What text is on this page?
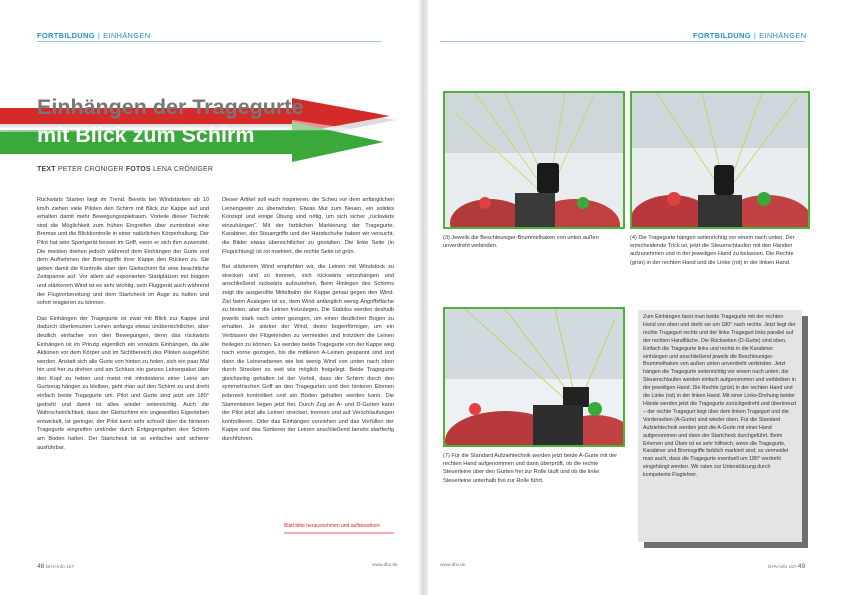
FORTBILDUNG | EINHÄNGEN	FORTBILDUNG | EINHÄNGEN
Einhängen der Tragegurte
mit Blick zum Schirm
TEXT PETER CRÖNIGER FOTOS LENA CRÖNIGER

Rückwärts Starten liegt im Trend. Bereits bei Windstärken ab 10 km/h ziehen viele Piloten den Schirm mit Blick zur Kappe auf und erhalten damit mehr Bewegungsspielraum. Vorteile dieser Technik sind die Möglichkeit zum frühen Eingreifen über zumindest eine Bremse und die Blickkontrolle in einer natürlichen Körperhaltung. Der Pilot hat sein Sportgerät besser im Griff, wenn er sich ihm zuwendet. Die meisten drehen jedoch während dem Einhängen der Gurte und dem Aufnehmen der Bremsgriffe ihrer Kappe den Rücken zu. Sie geben damit die Kontrolle über den Gleitschirm für eine beachtliche Zeitspanne auf. Vor allem auf exponierten Startplätzen mit böigem und stärkerem Wind ist es sehr wichtig, sein Fluggerät auch während der Flugvorbereitung und dem Startcheck im Auge zu halten und sofort reagieren zu können.

Das Einhängen der Tragegurte ist zwar mit Blick zur Kappe und dadurch überkreuzten Leinen anfangs etwas unübersichtlicher, aber deutlich einfacher von den Bewegungen, denn das rückwärts Einhängen ist im Prinzip eigentlich ein vorwärts Einhängen, da alle Aktionen vor dem Körper und im Sichtbereich des Piloten ausgeführt werden. Anstatt sich alle Gurte von hinten zu holen, sich ein paar Mal hin und her zu drehen und am Schluss ein ganzes Leinenpaket über den Kopf zu heben und meist mit mindestens einer Leine am Gurtzeug hängen zu bleiben, geht man auf den Schirm zu und dreht einfach beide Tragegurte um. Pilot und Gurte sind jetzt um 180° gedreht und damit ist alles wieder seitenrichtig. Auch die Wahrscheinlichkeit, dass der Gleitschirm ein ungewolltes Eigenleben entwickelt, ist geringer, der Pilot kann sehr schnell über die hinteren Tragegurte eingreifen und/oder durch Entgegengehen den Schirm am Boden halten. Der Startcheck ist so einfacher und sicherer ausführbar.

Dieser Artikel soll euch inspirieren, die Scheu vor dem anfänglichen Leinengewirr zu überwinden. Etwas Mut zum Neuen, ein solides Konzept und einige Übung sind nötig, um sich sicher „rückwärts einzuhängen“. Mit der farblichen Markierung der Tragegurte, Karabiner, der Steuergriffe und der Handschuhe haben wir versucht, die Bilder etwas übersichtlicher zu gestalten. Die linke Seite (in Flugrichtung) ist rot markiert, die rechte Seite ist grün.

Bei stärkerem Wind empfehlen wir, die Leinen mit Windstock zu strecken und zu trennen, sich rückwärts einzuhängen und anschließend rückwärts aufzuziehen. Beim Hinlegen des Schirms zeigt die ausgerollte Mittelbahn der Kappe genau gegen den Wind. Ziel beim Auslegen ist es, dem Wind anfänglich wenig Angriffsfläche zu bieten, aber die Leinen freizulegen. Die Stabilos werden deshalb jeweils stark nach unten gezogen, um einen deutlichen Bogen zu erhalten. Je stärker der Wind, desto bogenförmiger, um ein Verblasen der Flügelenden zu vermeiden und trotzdem die Leinen freilegen zu können. Es werden beide Tragegurte von der Kappe weg nach vorne gezogen, bis die mittleren A-Leinen gespannt sind und dann die Leinenebenen wie bei wenig Wind von unten nach oben durch Strecken so weit wie möglich freigelegt. Beide Tragegurte gleichzeitig gehalten ist der Vorteil, dass der Schirm durch den symmetrischen Griff an den Tragegurten und den hinteren Ebenen jederzeit kontrolliert und am Boden gehalten werden kann. Die Stammleinen liegen jetzt frei. Durch Zug an A- und D-Gurten kann der Pilot jetzt alle Leinen strecken, trennen und auf Verschlaufungen kontrollieren. Oder das Einhängen vorziehen und das Vorfüllen der Kappe und das Sortieren der Leinen anschließend bereits startfertig durchführen.

Blatt bitte herausnehmen und aufbewahren
(3) Jeweils die Beschleuniger-Brummelhaken von unten außen unverdreht verbinden.
(4) Die Tragegurte hängen seitenrichtig vor einem nach unten. Der entscheidende Trick ist, jetzt die Steuerschlaufen mit den Händen aufzunehmen und in der jeweiligen Hand zu belassen. Die Rechte (grün) in der rechten Hand und die Linke (rot) in der linken Hand.
(7) Für die Standard Aufziehtechnik werden jetzt beide A-Gurte mit der rechten Hand aufgenommen und dann überprüft, ob die rechte Steuerleine über den Gurten frei zur Rolle läuft und ob die linke Steuerleine unterhalb frei zur Rolle führt.
Zum Einhängen fasst man beide Tragegurte mit der rechten Hand von oben und dreht sie um 180° nach rechts. Jetzt liegt der rechte Tragegurt rechts und der linke Tragegurt links parallel auf der rechten Handfläche. Die Rückseiten (D-Gurte) sind oben. Einfach die Tragegurte links und rechts in die Karabiner einhängen und anschließend jeweils die Beschleuniger-Brummelhaken von außen unten unverdreht verbinden. Jetzt hängen die Tragegurte seitenrichtig vor einem nach unten; die Steuerschlaufen werden einfach aufgenommen und verbleiben in der jeweiligen Hand. Die Rechte (grün) in der rechten Hand und die Linke (rot) in der linken Hand. Mit einer Links-Drehung beider Hände werden jetzt die Tragegurte zurückgedreht und überkreuzt – der rechte Tragegurt liegt über dem linken Tragegurt und die Vorderseiten (A-Gurte) sind wieder oben. Für die Standard Aufziehtechnik werden jetzt die A-Gurte mit einer Hand aufgenommen und dann der Startcheck durchgeführt. Beim Erlernen und Üben ist es sehr hilfreich, wenn die Tragegurte, Karabiner und Bremsgriffe farblich markiert sind; so vermeidet man auch, dass die Tragegurte eventuell um 180° verdreht eingehängt werden. Wir raten zur Unterstützung durch kompetente Fluglehrer.
48 DHV-info 167	www.dhv.de	www.dhv.de	DHV-info 167 49
